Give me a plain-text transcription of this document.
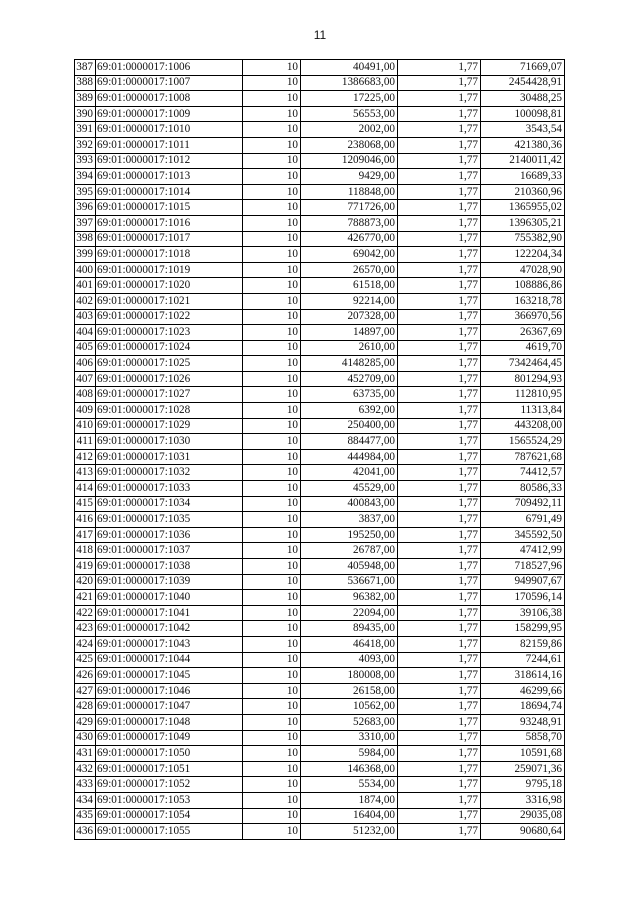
11
387	69:01:0000017:1006	10	40491,00	1,77	71669,07
388	69:01:0000017:1007	10	1386683,00	1,77	2454428,91
389	69:01:0000017:1008	10	17225,00	1,77	30488,25
390	69:01:0000017:1009	10	56553,00	1,77	100098,81
391	69:01:0000017:1010	10	2002,00	1,77	3543,54
392	69:01:0000017:1011	10	238068,00	1,77	421380,36
393	69:01:0000017:1012	10	1209046,00	1,77	2140011,42
394	69:01:0000017:1013	10	9429,00	1,77	16689,33
395	69:01:0000017:1014	10	118848,00	1,77	210360,96
396	69:01:0000017:1015	10	771726,00	1,77	1365955,02
397	69:01:0000017:1016	10	788873,00	1,77	1396305,21
398	69:01:0000017:1017	10	426770,00	1,77	755382,90
399	69:01:0000017:1018	10	69042,00	1,77	122204,34
400	69:01:0000017:1019	10	26570,00	1,77	47028,90
401	69:01:0000017:1020	10	61518,00	1,77	108886,86
402	69:01:0000017:1021	10	92214,00	1,77	163218,78
403	69:01:0000017:1022	10	207328,00	1,77	366970,56
404	69:01:0000017:1023	10	14897,00	1,77	26367,69
405	69:01:0000017:1024	10	2610,00	1,77	4619,70
406	69:01:0000017:1025	10	4148285,00	1,77	7342464,45
407	69:01:0000017:1026	10	452709,00	1,77	801294,93
408	69:01:0000017:1027	10	63735,00	1,77	112810,95
409	69:01:0000017:1028	10	6392,00	1,77	11313,84
410	69:01:0000017:1029	10	250400,00	1,77	443208,00
411	69:01:0000017:1030	10	884477,00	1,77	1565524,29
412	69:01:0000017:1031	10	444984,00	1,77	787621,68
413	69:01:0000017:1032	10	42041,00	1,77	74412,57
414	69:01:0000017:1033	10	45529,00	1,77	80586,33
415	69:01:0000017:1034	10	400843,00	1,77	709492,11
416	69:01:0000017:1035	10	3837,00	1,77	6791,49
417	69:01:0000017:1036	10	195250,00	1,77	345592,50
418	69:01:0000017:1037	10	26787,00	1,77	47412,99
419	69:01:0000017:1038	10	405948,00	1,77	718527,96
420	69:01:0000017:1039	10	536671,00	1,77	949907,67
421	69:01:0000017:1040	10	96382,00	1,77	170596,14
422	69:01:0000017:1041	10	22094,00	1,77	39106,38
423	69:01:0000017:1042	10	89435,00	1,77	158299,95
424	69:01:0000017:1043	10	46418,00	1,77	82159,86
425	69:01:0000017:1044	10	4093,00	1,77	7244,61
426	69:01:0000017:1045	10	180008,00	1,77	318614,16
427	69:01:0000017:1046	10	26158,00	1,77	46299,66
428	69:01:0000017:1047	10	10562,00	1,77	18694,74
429	69:01:0000017:1048	10	52683,00	1,77	93248,91
430	69:01:0000017:1049	10	3310,00	1,77	5858,70
431	69:01:0000017:1050	10	5984,00	1,77	10591,68
432	69:01:0000017:1051	10	146368,00	1,77	259071,36
433	69:01:0000017:1052	10	5534,00	1,77	9795,18
434	69:01:0000017:1053	10	1874,00	1,77	3316,98
435	69:01:0000017:1054	10	16404,00	1,77	29035,08
436	69:01:0000017:1055	10	51232,00	1,77	90680,64
